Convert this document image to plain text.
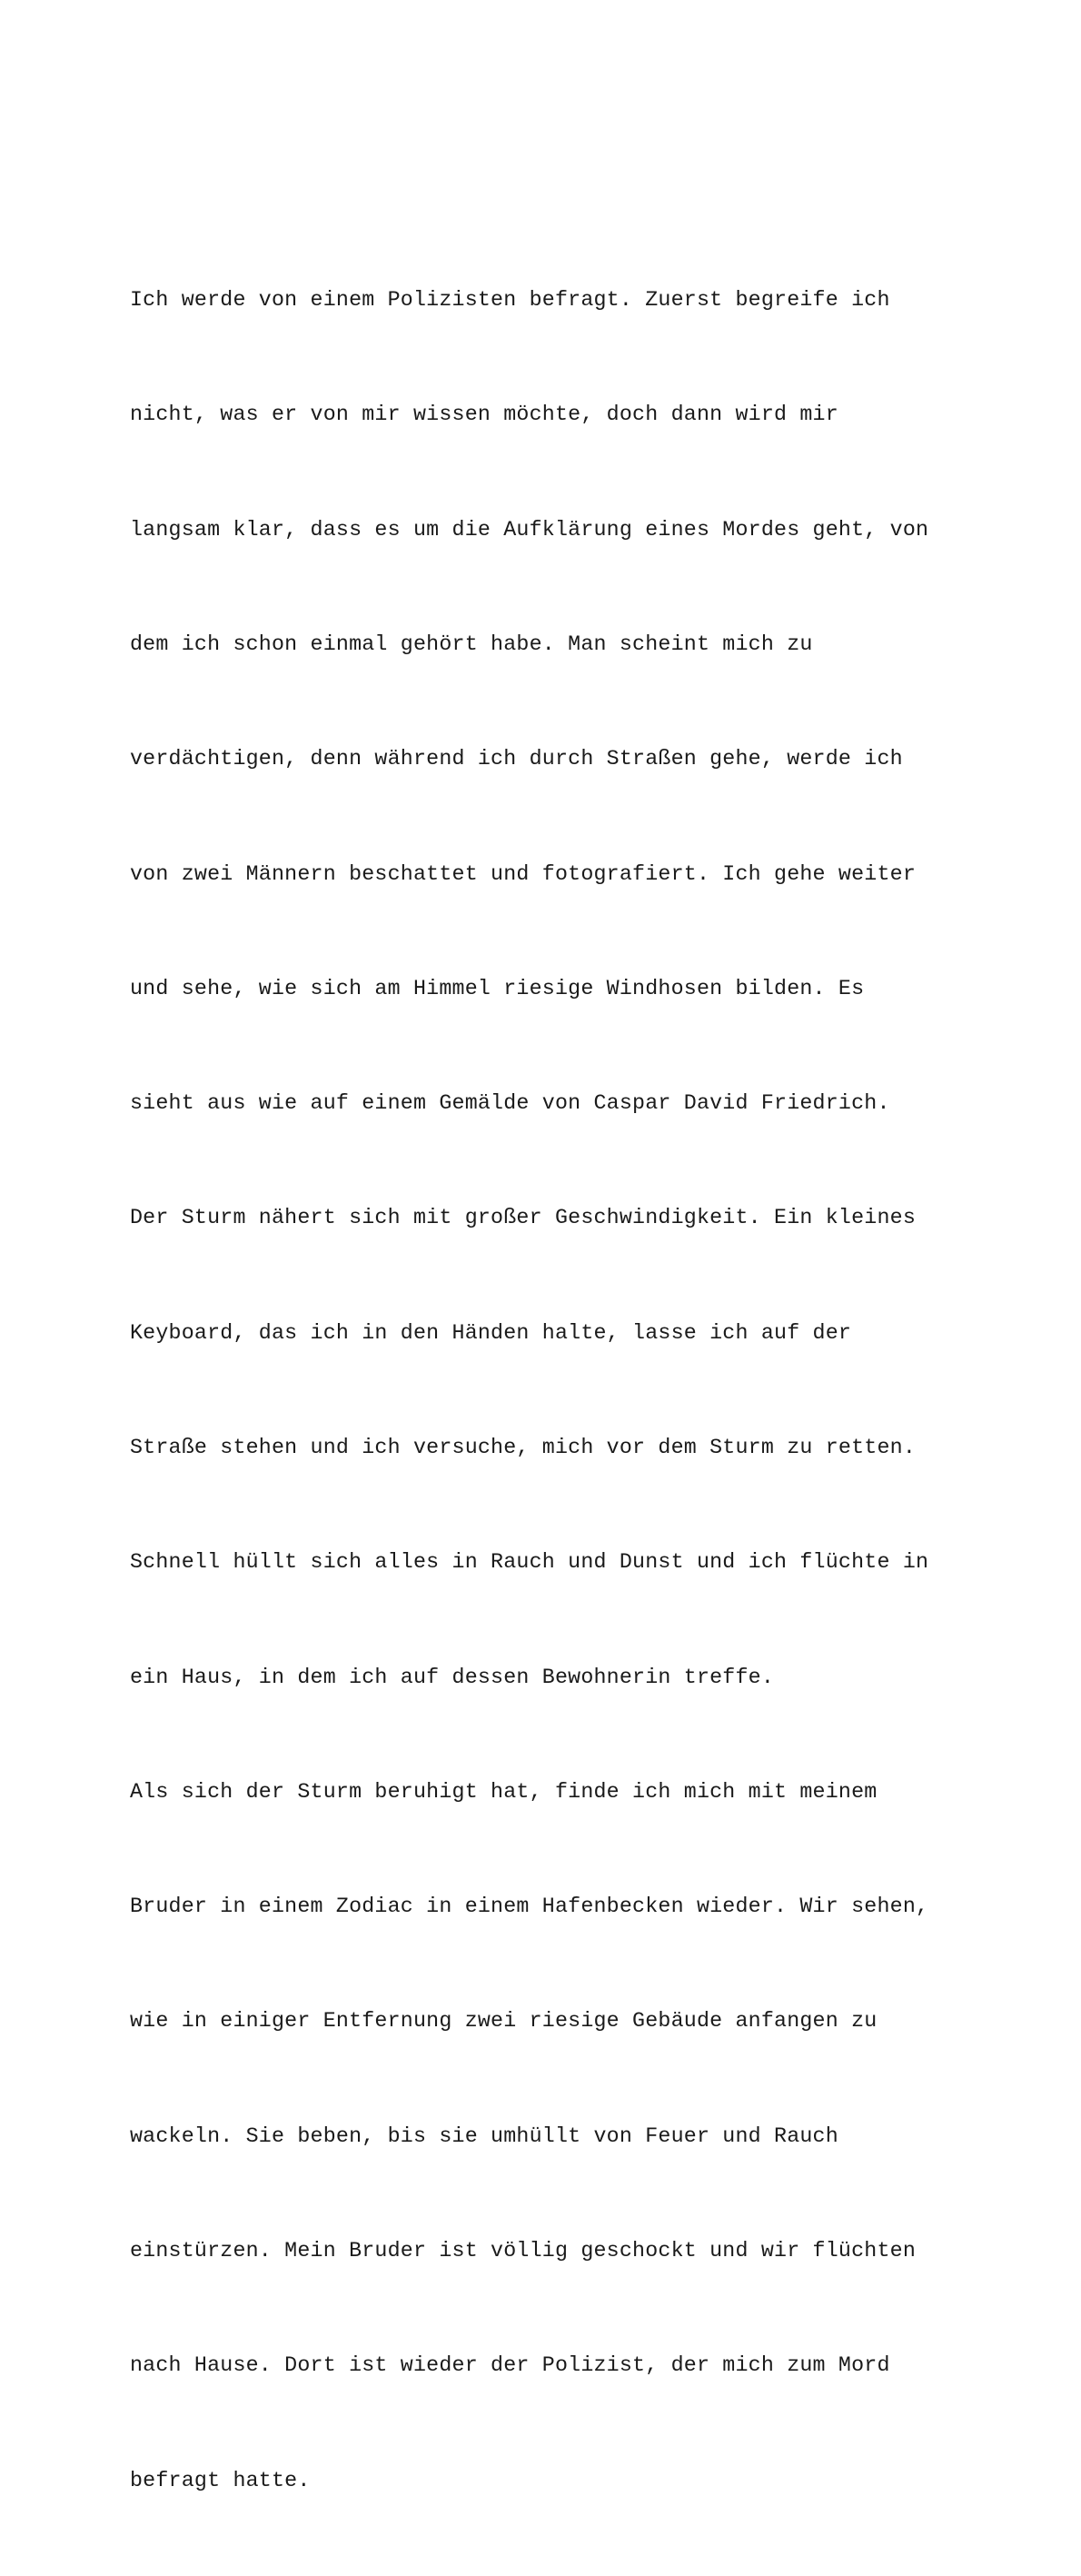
Ich werde von einem Polizisten befragt. Zuerst begreife ich

nicht, was er von mir wissen möchte, doch dann wird mir

langsam klar, dass es um die Aufklärung eines Mordes geht, von

dem ich schon einmal gehört habe. Man scheint mich zu

verdächtigen, denn während ich durch Straßen gehe, werde ich

von zwei Männern beschattet und fotografiert. Ich gehe weiter

und sehe, wie sich am Himmel riesige Windhosen bilden. Es

sieht aus wie auf einem Gemälde von Caspar David Friedrich.

Der Sturm nähert sich mit großer Geschwindigkeit. Ein kleines

Keyboard, das ich in den Händen halte, lasse ich auf der

Straße stehen und ich versuche, mich vor dem Sturm zu retten.

Schnell hüllt sich alles in Rauch und Dunst und ich flüchte in

ein Haus, in dem ich auf dessen Bewohnerin treffe.

Als sich der Sturm beruhigt hat, finde ich mich mit meinem

Bruder in einem Zodiac in einem Hafenbecken wieder. Wir sehen,

wie in einiger Entfernung zwei riesige Gebäude anfangen zu

wackeln. Sie beben, bis sie umhüllt von Feuer und Rauch

einstürzen. Mein Bruder ist völlig geschockt und wir flüchten

nach Hause. Dort ist wieder der Polizist, der mich zum Mord

befragt hatte.
